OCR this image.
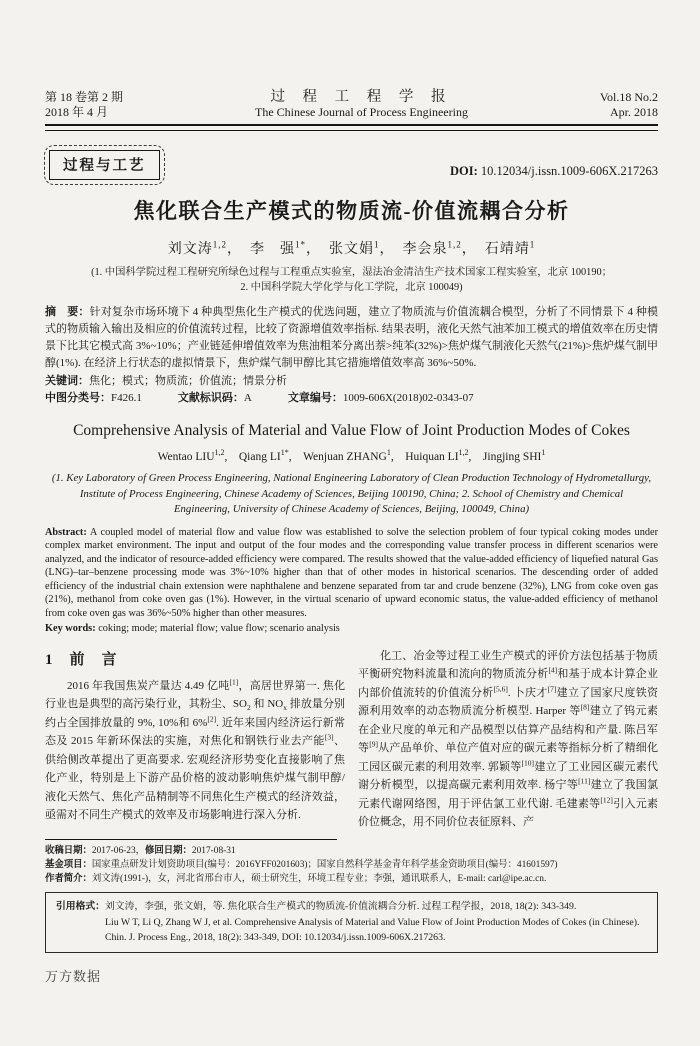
第 18 卷第 2 期
2018 年 4 月
过 程 工 程 学 报
The Chinese Journal of Process Engineering
Vol.18 No.2
Apr. 2018
过程与工艺	DOI: 10.12034/j.issn.1009-606X.217263
焦化联合生产模式的物质流-价值流耦合分析
刘文涛$^{1,2}$，　李　强$^{1*}$，　张文娟$^1$，　李会泉$^{1,2}$，　石靖靖$^1$
(1. 中国科学院过程工程研究所绿色过程与工程重点实验室，湿法冶金清洁生产技术国家工程实验室，北京 100190；
2. 中国科学院大学化学与化工学院，北京 100049)
摘　要：针对复杂市场环境下 4 种典型焦化生产模式的优选问题，建立了物质流与价值流耦合模型，分析了不同情景下 4 种模式的物质输入输出及相应的价值流转过程，比较了资源增值效率指标. 结果表明，液化天然气油苯加工模式的增值效率在历史情景下比其它模式高 3%~10%；产业链延伸增值效率为焦油粗苯分离出萘>纯苯(32%)>焦炉煤气制液化天然气(21%)>焦炉煤气制甲醇(1%). 在经济上行状态的虚拟情景下，焦炉煤气制甲醇比其它措施增值效率高 36%~50%.
关键词：焦化；模式；物质流；价值流；情景分析
中图分类号：F426.1	文献标识码：A	文章编号：1009-606X(2018)02-0343-07
Comprehensive Analysis of Material and Value Flow of Joint Production Modes of Cokes
Wentao LIU$^{1,2}$,  Qiang $LI^{1*}$,  Wenjuan ZHANG$^1$,  Huiquan LI$^{1,2}$,  Jingjing SHI$^1$
(1. Key Laboratory of Green Process Engineering, National Engineering Laboratory of Clean Production Technology of Hydrometallurgy, Institute of Process Engineering, Chinese Academy of Sciences, Beijing 100190, China; 2. School of Chemistry and Chemical Engineering, University of Chinese Academy of Sciences, Beijing, 100049, China)
Abstract: A coupled model of material flow and value flow was established to solve the selection problem of four typical coking modes under complex market environment. The input and output of the four modes and the corresponding value transfer process in different scenarios were analyzed, and the indicator of resource-added efficiency were compared. The results showed that the value-added efficiency of liquefied natural Gas (LNG)–tar–benzene processing mode was 3%~10% higher than that of other modes in historical scenarios. The descending order of added efficiency of the industrial chain extension were naphthalene and benzene separated from tar and crude benzene (32%), LNG from coke oven gas (21%), methanol from coke oven gas (1%). However, in the virtual scenario of upward economic status, the value-added efficiency of methanol from coke oven gas was 36%~50% higher than other measures.
Key words: coking; mode; material flow; value flow; scenario analysis
1　前　言
2016 年我国焦炭产量达 4.49 亿吨[1]，高居世界第一. 焦化行业也是典型的高污染行业，其粉尘、$SO_2$ 和 $NO_x$ 排放量分别约占全国排放量的 9%, 10%和 6%[2]. 近年来国内经济运行新常态及 2015 年新环保法的实施，对焦化和钢铁行业去产能[3]、供给侧改革提出了更高要求. 宏观经济形势变化直接影响了焦化产业，特别是上下游产品价格的波动影响焦炉煤气制甲醇/液化天然气、焦化产品精制等不同焦化生产模式的经济效益，亟需对不同生产模式的效率及市场影响进行深入分析.
化工、冶金等过程工业生产模式的评价方法包括基于物质平衡研究物料流量和流向的物质流分析[4]和基于成本计算企业内部价值流转的价值流分析[5,6]. 卜庆才[7]建立了国家尺度铁资源利用效率的动态物质流分析模型. Harper 等[8]建立了钨元素在企业尺度的单元和产品模型以估算产品结构和产量. 陈吕军等[9]从产品单价、单位产值对应的碳元素等指标分析了精细化工园区碳元素的利用效率. 郭颖等[10]建立了工业园区碳元素代谢分析模型，以提高碳元素利用效率. 杨宁等[11]建立了我国氯元素代谢网络图，用于评估氯工业代谢. 毛建素等[12]引入元素价位概念，用不同价位表征原料、产
收稿日期：2017-06-23，修回日期：2017-08-31
基金项目：国家重点研发计划资助项目(编号：2016YFF0201603)；国家自然科学基金青年科学基金资助项目(编号：41601597)
作者简介：刘文涛(1991-)，女，河北省邢台市人，硕士研究生，环境工程专业；李强，通讯联系人，E-mail: carl@ipe.ac.cn.
引用格式： 刘文涛，李强，张文娟，等. 焦化联合生产模式的物质流-价值流耦合分析. 过程工程学报，2018, 18(2): 343-349.
Liu W T, Li Q, Zhang W J, et al. Comprehensive Analysis of Material and Value Flow of Joint Production Modes of Cokes (in Chinese).
Chin. J. Process Eng., 2018, 18(2): 343-349, DOI: 10.12034/j.issn.1009-606X.217263.
万方数据
